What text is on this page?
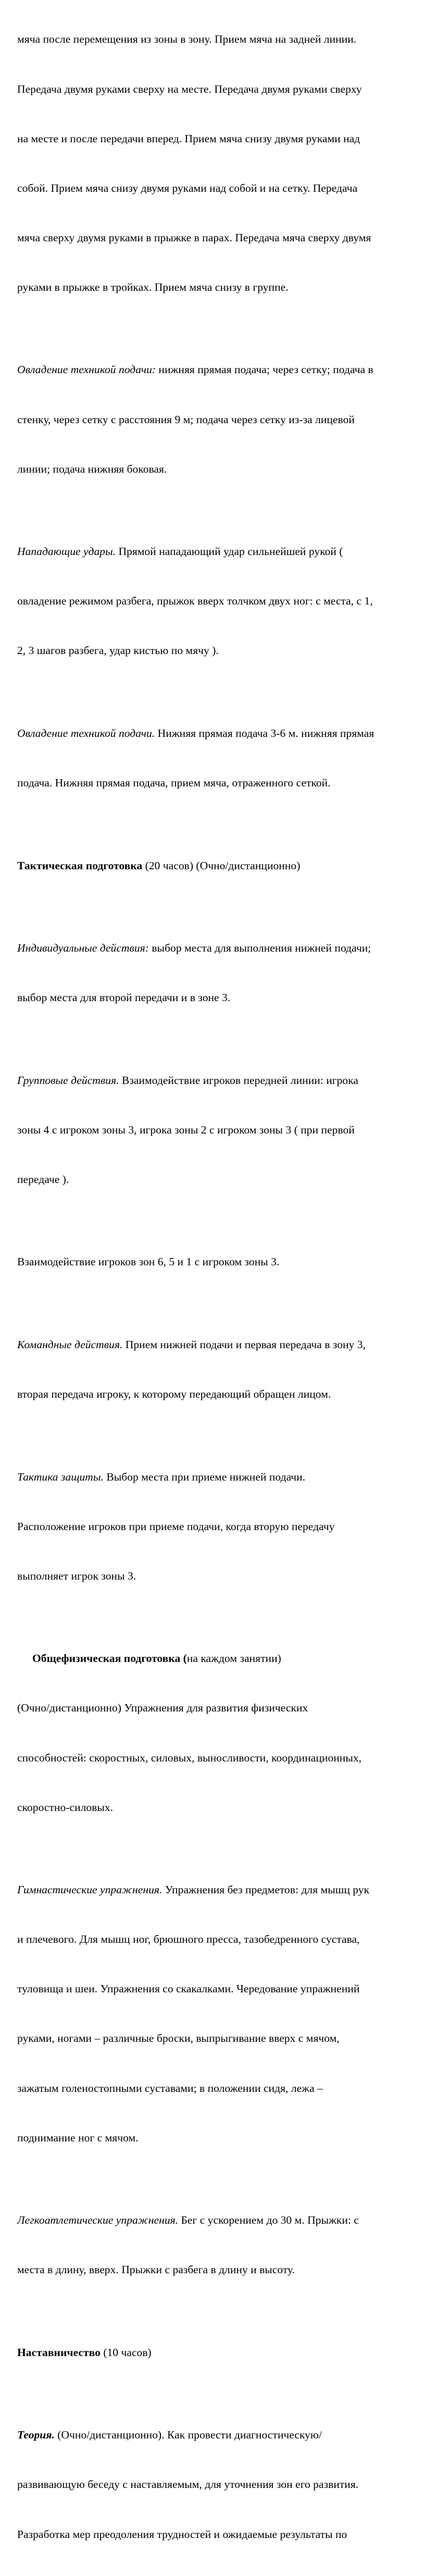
мяча после перемещения из зоны в зону. Прием мяча на задней линии.

Передача двумя руками сверху на месте. Передача двумя руками сверху

на месте и после передачи вперед. Прием мяча снизу двумя руками над

собой. Прием мяча снизу двумя руками над собой и на сетку. Передача

мяча сверху двумя руками в прыжке в парах. Передача мяча сверху двумя

руками в прыжке в тройках. Прием мяча снизу в группе.

Овладение техникой подачи: нижняя прямая подача; через сетку; подача в

стенку, через сетку с расстояния 9 м; подача через сетку из-за лицевой

линии; подача нижняя боковая.

Нападающие удары. Прямой нападающий удар сильнейшей рукой (

овладение режимом разбега, прыжок вверх толчком двух ног: с места, с 1,

2, 3 шагов разбега, удар кистью по мячу ).

Овладение техникой подачи. Нижняя прямая подача 3-6 м. нижняя прямая

подача. Нижняя прямая подача, прием мяча, отраженного сеткой.

Тактическая подготовка (20 часов) (Очно/дистанционно)

Индивидуальные действия: выбор места для выполнения нижней подачи;

выбор места для второй передачи и в зоне 3.

Групповые действия. Взаимодействие игроков передней линии: игрока

зоны 4 с игроком зоны 3, игрока зоны 2 с игроком зоны 3 ( при первой

передаче ).

Взаимодействие игроков зон 6, 5 и 1 с игроком зоны 3.

Командные действия. Прием нижней подачи и первая передача в зону 3,

вторая передача игроку, к которому передающий обращен лицом.

Тактика защиты. Выбор места при приеме нижней подачи.

Расположение игроков при приеме подачи, когда вторую передачу

выполняет игрок зоны 3.

Общефизическая подготовка (на каждом занятии)

(Очно/дистанционно) Упражнения для развития физических

способностей: скоростных, силовых, выносливости, координационных,

скоростно-силовых.

Гимнастические упражнения. Упражнения без предметов: для мышц рук

и плечевого. Для мышц ног, брюшного пресса, тазобедренного сустава,

туловища и шеи. Упражнения со скакалками. Чередование упражнений

руками, ногами – различные броски, выпрыгивание вверх с мячом,

зажатым голеностопными суставами; в положении сидя, лежа –

поднимание ног с мячом.

Легкоатлетические упражнения. Бег с ускорением до 30 м. Прыжки: с

места в длину, вверх. Прыжки с разбега в длину и высоту.

Наставничество (10 часов)

Теория. (Очно/дистанционно). Как провести диагностическую/

развивающую беседу с наставляемым, для уточнения зон его развития.

Разработка мер преодоления трудностей и ожидаемые результаты по
